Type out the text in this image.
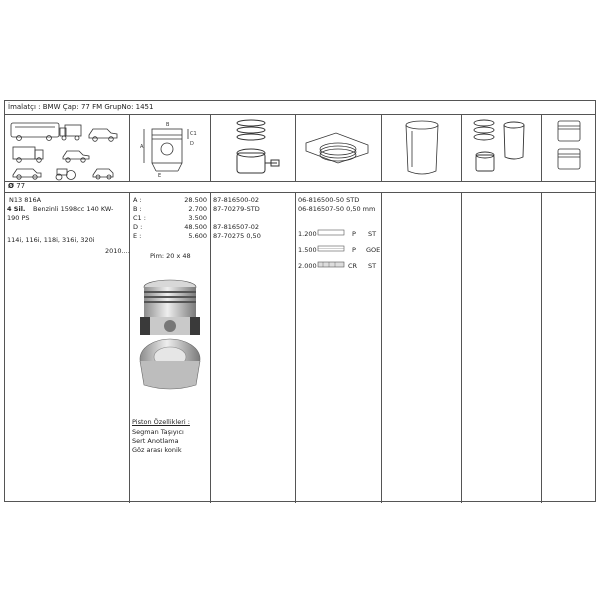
İmalatçı : BMW Çap: 77 FM GrupNo: 1451
A
C1
B
D
E
Ø 77
N13 816A
4 Sil. Benzinli 1598cc 140 KW-
190 PS
114i, 116i, 118i, 316i, 320i
2010....
A :	28.500
B :	2.700
C1 :	3.500
D :	48.500
E :	5.600
Pim: 20 x 48
Piston Özellikleri :
Segman Taşıyıcı
Sert Anotlama
Göz arası konik
87-816500-02
87-70279-STD
87-816507-02
87-70275 0,50
06-816500-50 STD
06-816507-50 0,50 mm
1.200	P ST
1.500	P GOE
2.000	CR ST
